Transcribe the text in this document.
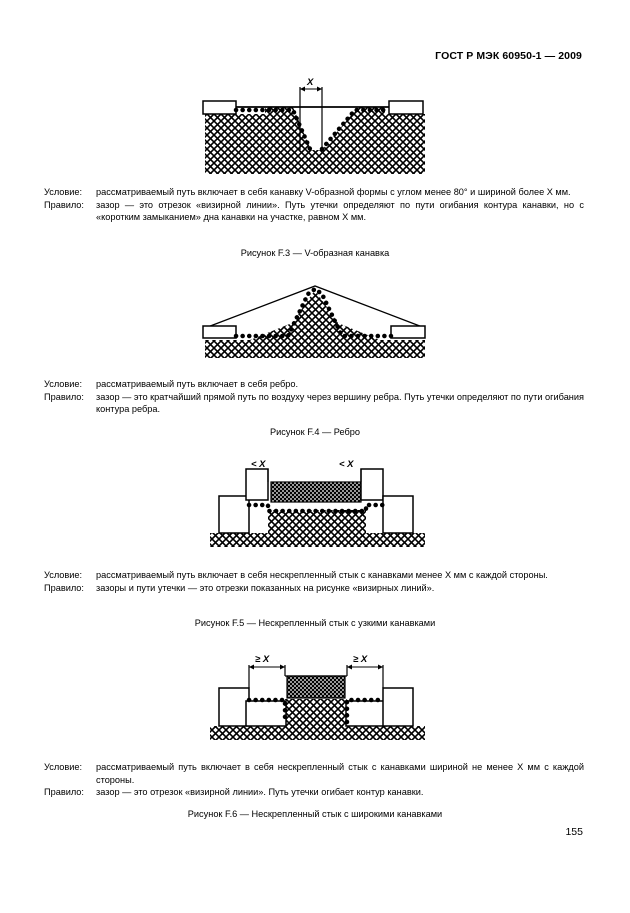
ГОСТ Р МЭК 60950-1 — 2009
X
Условие:	рассматриваемый путь включает в себя канавку V-образной формы с углом менее 80° и шириной более X мм.
Правило:	зазор — это отрезок «визирной линии». Путь утечки определяют по пути огибания контура канавки, но с «коротким замыканием» дна канавки на участке, равном X мм.
Рисунок F.3 — V-образная канавка
Условие:	рассматриваемый путь включает в себя ребро.
Правило:	зазор — это кратчайший прямой путь по воздуху через вершину ребра. Путь утечки определяют по пути огибания контура ребра.
Рисунок F.4 — Ребро
< X	< X
Условие:	рассматриваемый путь включает в себя нескрепленный стык с канавками менее X мм с каждой стороны.
Правило:	зазоры и пути утечки — это отрезки показанных на рисунке «визирных линий».
Рисунок F.5 — Нескрепленный стык с узкими канавками
≥ X	≥ X
Условие:	рассматриваемый путь включает в себя нескрепленный стык с канавками шириной не менее X мм с каждой стороны.
Правило:	зазор — это отрезок «визирной линии». Путь утечки огибает контур канавки.
Рисунок F.6 — Нескрепленный стык с широкими канавками
155
